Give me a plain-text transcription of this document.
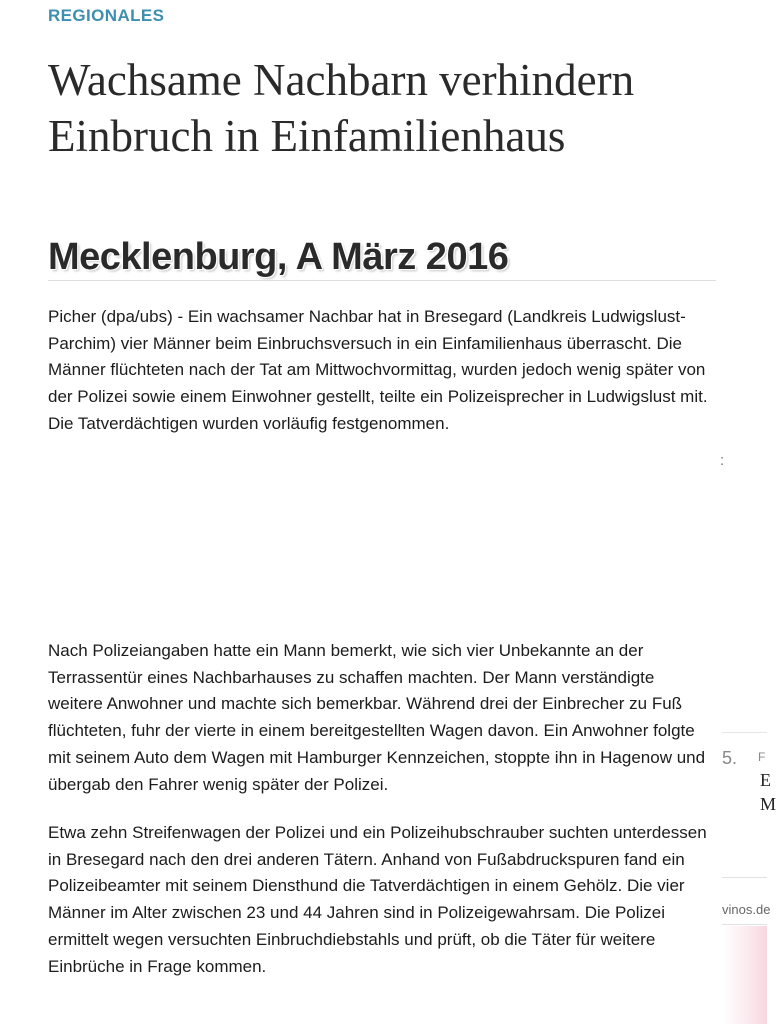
REGIONALES
Wachsame Nachbarn verhindern Einbruch in Einfamilienhaus
Mecklenburg, A März 2016

Picher (dpa/ubs) - Ein wachsamer Nachbar hat in Bresegard (Landkreis Ludwigslust-Parchim) vier Männer beim Einbruchsversuch in ein Einfamilienhaus überrascht. Die Männer flüchteten nach der Tat am Mittwochvormittag, wurden jedoch wenig später von der Polizei sowie einem Einwohner gestellt, teilte ein Polizeisprecher in Ludwigslust mit. Die Tatverdächtigen wurden vorläufig festgenommen.

Nach Polizeiangaben hatte ein Mann bemerkt, wie sich vier Unbekannte an der Terrassentür eines Nachbarhauses zu schaffen machten. Der Mann verständigte weitere Anwohner und machte sich bemerkbar. Während drei der Einbrecher zu Fuß flüchteten, fuhr der vierte in einem bereitgestellten Wagen davon. Ein Anwohner folgte mit seinem Auto dem Wagen mit Hamburger Kennzeichen, stoppte ihn in Hagenow und übergab den Fahrer wenig später der Polizei.

Etwa zehn Streifenwagen der Polizei und ein Polizeihubschrauber suchten unterdessen in Bresegard nach den drei anderen Tätern. Anhand von Fußabdruckspuren fand ein Polizeibeamter mit seinem Diensthund die Tatverdächtigen in einem Gehölz. Die vier Männer im Alter zwischen 23 und 44 Jahren sind in Polizeigewahrsam. Die Polizei ermittelt wegen versuchten Einbruchdiebstahls und prüft, ob die Täter für weitere Einbrüche in Frage kommen.

:
5. F
E
M
vinos.de
